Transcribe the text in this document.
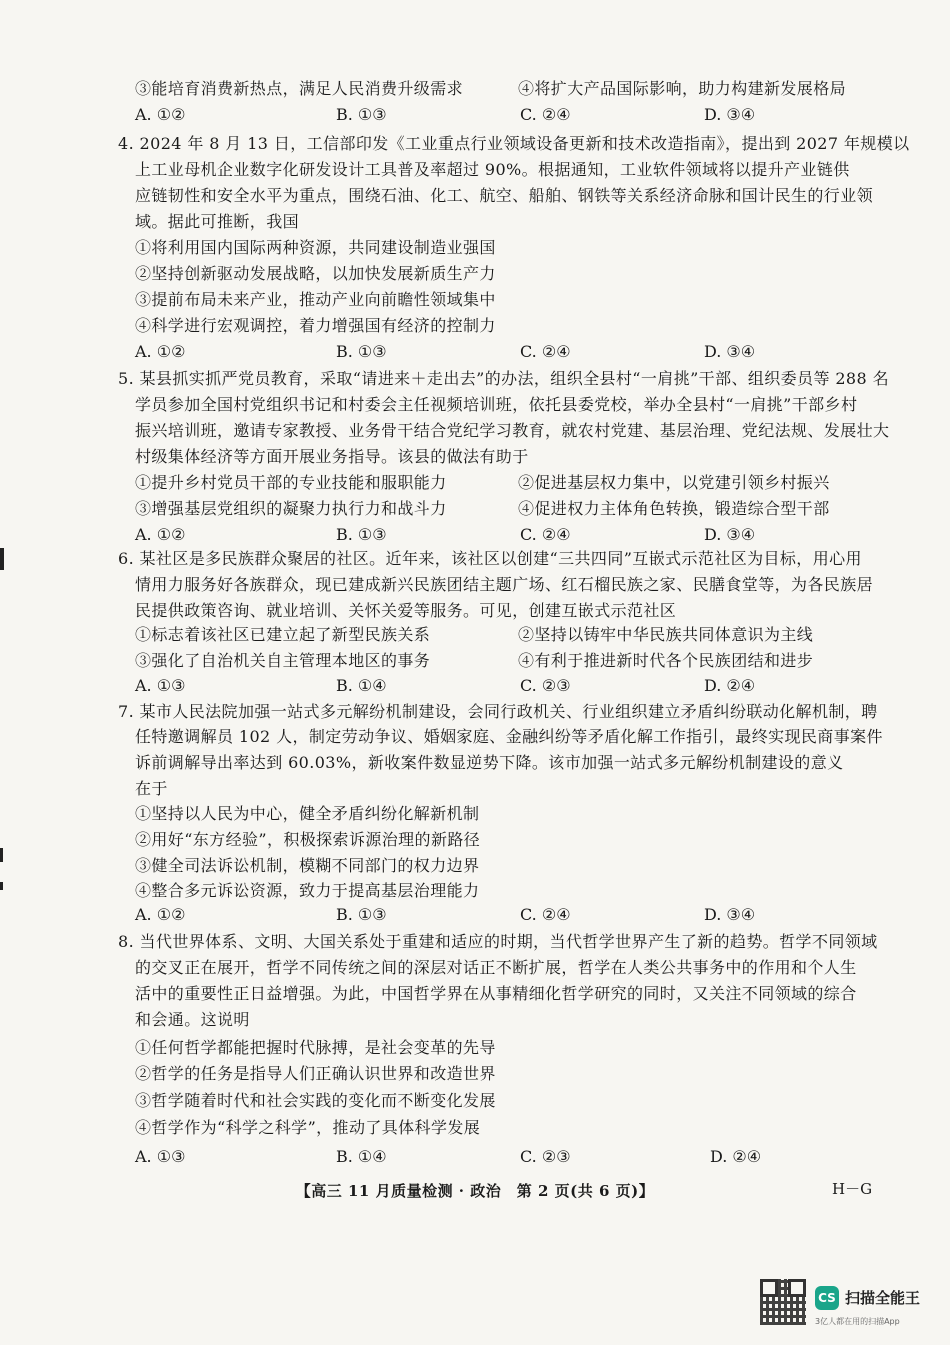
③能培育消费新热点，满足人民消费升级需求	④将扩大产品国际影响，助力构建新发展格局
A. ①②	B. ①③	C. ②④	D. ③④
4. 2024 年 8 月 13 日，工信部印发《工业重点行业领域设备更新和技术改造指南》，提出到 2027 年规模以
上工业母机企业数字化研发设计工具普及率超过 90%。根据通知，工业软件领域将以提升产业链供
应链韧性和安全水平为重点，围绕石油、化工、航空、船舶、钢铁等关系经济命脉和国计民生的行业领
域。据此可推断，我国
①将利用国内国际两种资源，共同建设制造业强国
②坚持创新驱动发展战略，以加快发展新质生产力
③提前布局未来产业，推动产业向前瞻性领域集中
④科学进行宏观调控，着力增强国有经济的控制力
A. ①②	B. ①③	C. ②④	D. ③④
5. 某县抓实抓严党员教育，采取“请进来＋走出去”的办法，组织全县村“一肩挑”干部、组织委员等 288 名
学员参加全国村党组织书记和村委会主任视频培训班，依托县委党校，举办全县村“一肩挑”干部乡村
振兴培训班，邀请专家教授、业务骨干结合党纪学习教育，就农村党建、基层治理、党纪法规、发展壮大
村级集体经济等方面开展业务指导。该县的做法有助于
①提升乡村党员干部的专业技能和服职能力	②促进基层权力集中，以党建引领乡村振兴
③增强基层党组织的凝聚力执行力和战斗力	④促进权力主体角色转换，锻造综合型干部
A. ①②	B. ①③	C. ②④	D. ③④
6. 某社区是多民族群众聚居的社区。近年来，该社区以创建“三共四同”互嵌式示范社区为目标，用心用
情用力服务好各族群众，现已建成新兴民族团结主题广场、红石榴民族之家、民膳食堂等，为各民族居
民提供政策咨询、就业培训、关怀关爱等服务。可见，创建互嵌式示范社区
①标志着该社区已建立起了新型民族关系	②坚持以铸牢中华民族共同体意识为主线
③强化了自治机关自主管理本地区的事务	④有利于推进新时代各个民族团结和进步
A. ①③	B. ①④	C. ②③	D. ②④
7. 某市人民法院加强一站式多元解纷机制建设，会同行政机关、行业组织建立矛盾纠纷联动化解机制，聘
任特邀调解员 102 人，制定劳动争议、婚姻家庭、金融纠纷等矛盾化解工作指引，最终实现民商事案件
诉前调解导出率达到 60.03%，新收案件数显逆势下降。该市加强一站式多元解纷机制建设的意义
在于
①坚持以人民为中心，健全矛盾纠纷化解新机制
②用好“东方经验”，积极探索诉源治理的新路径
③健全司法诉讼机制，模糊不同部门的权力边界
④整合多元诉讼资源，致力于提高基层治理能力
A. ①②	B. ①③	C. ②④	D. ③④
8. 当代世界体系、文明、大国关系处于重建和适应的时期，当代哲学世界产生了新的趋势。哲学不同领域
的交叉正在展开，哲学不同传统之间的深层对话正不断扩展，哲学在人类公共事务中的作用和个人生
活中的重要性正日益增强。为此，中国哲学界在从事精细化哲学研究的同时，又关注不同领域的综合
和会通。这说明
①任何哲学都能把握时代脉搏，是社会变革的先导
②哲学的任务是指导人们正确认识世界和改造世界
③哲学随着时代和社会实践的变化而不断变化发展
④哲学作为“科学之科学”，推动了具体科学发展
A. ①③	B. ①④	C. ②③	D. ②④
【高三 11 月质量检测 · 政治　第 2 页(共 6 页)】	H－G
CS 扫描全能王
3亿人都在用的扫描App
